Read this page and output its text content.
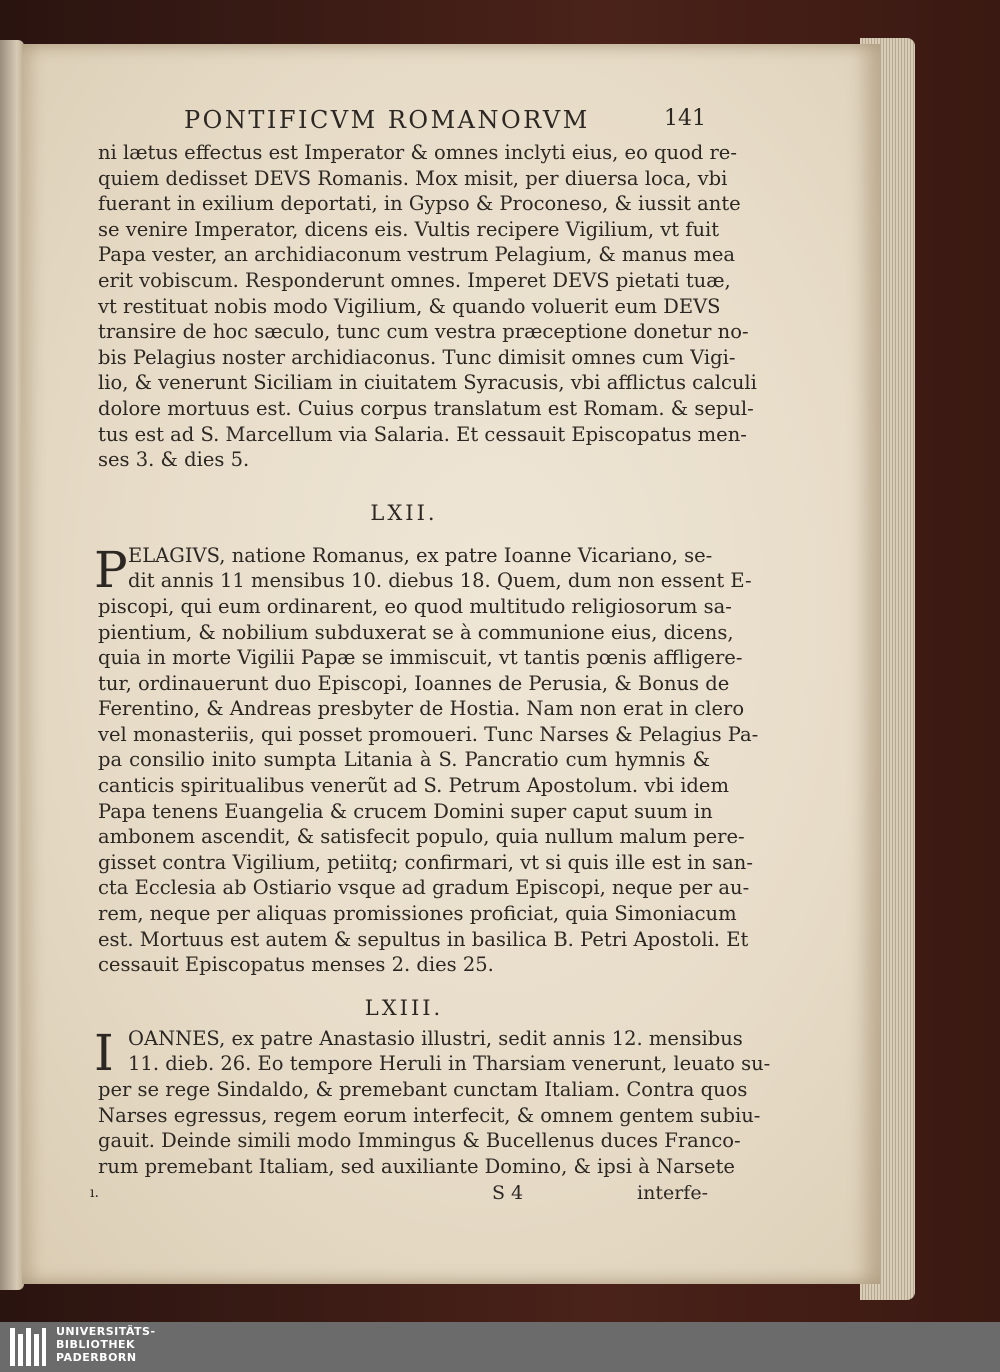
PONTIFICVM ROMANORVM	141
ni lætus effectus est Imperator & omnes inclyti eius, eo quod re-
quiem dedisset DEVS Romanis. Mox misit, per diuersa loca, vbi
fuerant in exilium deportati, in Gypso & Proconeso, & iussit ante
se venire Imperator, dicens eis. Vultis recipere Vigilium, vt fuit
Papa vester, an archidiaconum vestrum Pelagium, & manus mea
erit vobiscum. Responderunt omnes. Imperet DEVS pietati tuæ,
vt restituat nobis modo Vigilium, & quando voluerit eum DEVS
transire de hoc sæculo, tunc cum vestra præceptione donetur no-
bis Pelagius noster archidiaconus. Tunc dimisit omnes cum Vigi-
lio, & venerunt Siciliam in ciuitatem Syracusis, vbi afflictus calculi
dolore mortuus est. Cuius corpus translatum est Romam. & sepul-
tus est ad S. Marcellum via Salaria. Et cessauit Episcopatus men-
ses 3. & dies 5.
LXII.
P ELAGIVS, natione Romanus, ex patre Ioanne Vicariano, se-
dit annis 11 mensibus 10. diebus 18. Quem, dum non essent E-
piscopi, qui eum ordinarent, eo quod multitudo religiosorum sa-
pientium, & nobilium subduxerat se à communione eius, dicens,
quia in morte Vigilii Papæ se immiscuit, vt tantis pœnis affligere-
tur, ordinauerunt duo Episcopi, Ioannes de Perusia, & Bonus de
Ferentino, & Andreas presbyter de Hostia. Nam non erat in clero
vel monasteriis, qui posset promoueri. Tunc Narses & Pelagius Pa-
pa consilio inito sumpta Litania à S. Pancratio cum hymnis &
canticis spiritualibus venerũt ad S. Petrum Apostolum. vbi idem
Papa tenens Euangelia & crucem Domini super caput suum in
ambonem ascendit, & satisfecit populo, quia nullum malum pere-
gisset contra Vigilium, petiitq; confirmari, vt si quis ille est in san-
cta Ecclesia ab Ostiario vsque ad gradum Episcopi, neque per au-
rem, neque per aliquas promissiones proficiat, quia Simoniacum
est. Mortuus est autem & sepultus in basilica B. Petri Apostoli. Et
cessauit Episcopatus menses 2. dies 25.
LXIII.
I OANNES, ex patre Anastasio illustri, sedit annis 12. mensibus
11. dieb. 26. Eo tempore Heruli in Tharsiam venerunt, leuato su-
per se rege Sindaldo, & premebant cunctam Italiam. Contra quos
Narses egressus, regem eorum interfecit, & omnem gentem subiu-
gauit. Deinde simili modo Immingus & Bucellenus duces Franco-
rum premebant Italiam, sed auxiliante Domino, & ipsi à Narsete
ı.	S 4	interfe-
UNIVERSITÄTS-
BIBLIOTHEK
PADERBORN
